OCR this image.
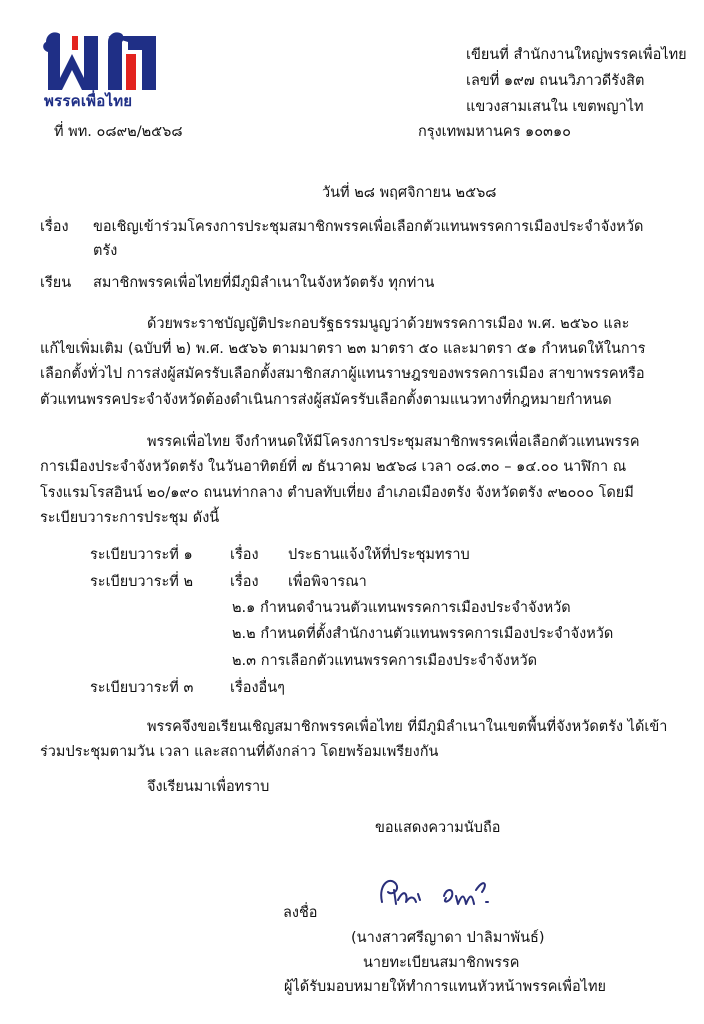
พรรคเพื่อไทย
เขียนที่ สำนักงานใหญ่พรรคเพื่อไทย
เลขที่ ๑๙๗ ถนนวิภาวดีรังสิต
แขวงสามเสนใน เขตพญาไท
ที่ พท. ๐๘๙๒/๒๕๖๘	กรุงเทพมหานคร ๑๐๓๑๐
วันที่ ๒๘ พฤศจิกายน ๒๕๖๘
เรื่อง ขอเชิญเข้าร่วมโครงการประชุมสมาชิกพรรคเพื่อเลือกตัวแทนพรรคการเมืองประจำจังหวัด
ตรัง
เรียน สมาชิกพรรคเพื่อไทยที่มีภูมิลำเนาในจังหวัดตรัง ทุกท่าน
ด้วยพระราชบัญญัติประกอบรัฐธรรมนูญว่าด้วยพรรคการเมือง พ.ศ. ๒๕๖๐ และ
แก้ไขเพิ่มเติม (ฉบับที่ ๒) พ.ศ. ๒๕๖๖ ตามมาตรา ๒๓ มาตรา ๕๐ และมาตรา ๕๑ กำหนดให้ในการ
เลือกตั้งทั่วไป การส่งผู้สมัครรับเลือกตั้งสมาชิกสภาผู้แทนราษฎรของพรรคการเมือง สาขาพรรคหรือ
ตัวแทนพรรคประจำจังหวัดต้องดำเนินการส่งผู้สมัครรับเลือกตั้งตามแนวทางที่กฎหมายกำหนด
พรรคเพื่อไทย จึงกำหนดให้มีโครงการประชุมสมาชิกพรรคเพื่อเลือกตัวแทนพรรค
การเมืองประจำจังหวัดตรัง ในวันอาทิตย์ที่ ๗ ธันวาคม ๒๕๖๘ เวลา ๐๘.๓๐ – ๑๔.๐๐ นาฬิกา ณ
โรงแรมโรสอินน์ ๒๐/๑๙๐ ถนนท่ากลาง ตำบลทับเที่ยง อำเภอเมืองตรัง จังหวัดตรัง ๙๒๐๐๐ โดยมี
ระเบียบวาระการประชุม ดังนี้
ระเบียบวาระที่ ๑	เรื่อง ประธานแจ้งให้ที่ประชุมทราบ
ระเบียบวาระที่ ๒	เรื่อง เพื่อพิจารณา
๒.๑ กำหนดจำนวนตัวแทนพรรคการเมืองประจำจังหวัด
๒.๒ กำหนดที่ตั้งสำนักงานตัวแทนพรรคการเมืองประจำจังหวัด
๒.๓ การเลือกตัวแทนพรรคการเมืองประจำจังหวัด
ระเบียบวาระที่ ๓	เรื่องอื่นๆ
พรรคจึงขอเรียนเชิญสมาชิกพรรคเพื่อไทย ที่มีภูมิลำเนาในเขตพื้นที่จังหวัดตรัง ได้เข้า
ร่วมประชุมตามวัน เวลา และสถานที่ดังกล่าว โดยพร้อมเพรียงกัน
จึงเรียนมาเพื่อทราบ
ขอแสดงความนับถือ
ลงชื่อ
(นางสาวศรีญาดา ปาลิมาพันธ์)
นายทะเบียนสมาชิกพรรค
ผู้ได้รับมอบหมายให้ทำการแทนหัวหน้าพรรคเพื่อไทย
